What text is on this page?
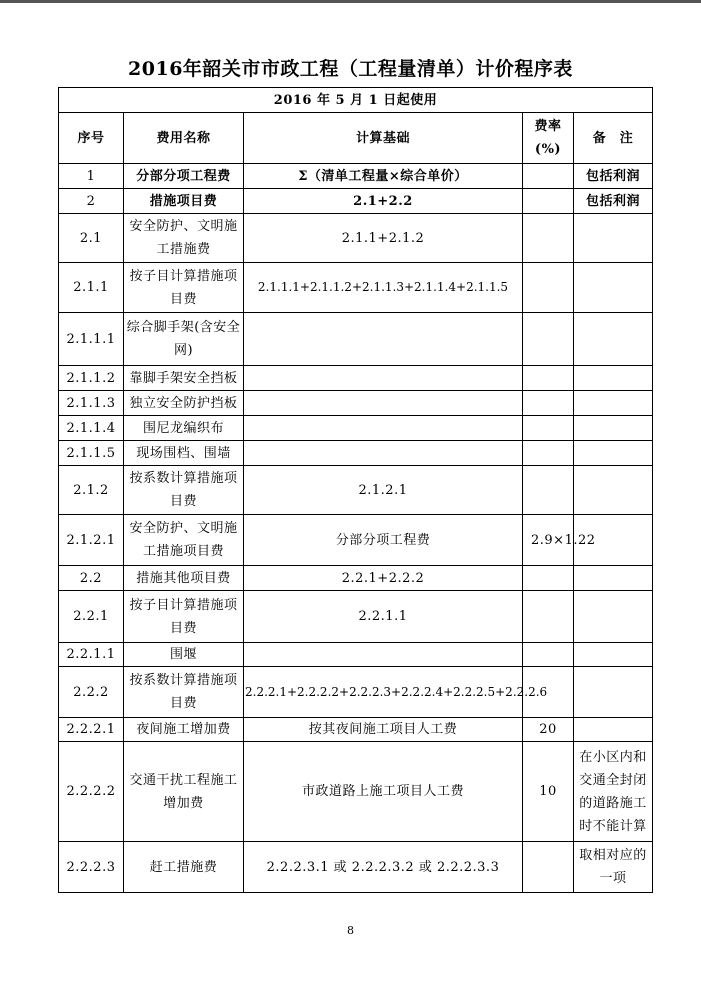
2016年韶关市市政工程（工程量清单）计价程序表
2016 年 5 月 1 日起使用				
序号	费用名称	计算基础	费率(%)	备　注
1	分部分项工程费	Σ（清单工程量×综合单价）		包括利润
2	措施项目费	2.1+2.2		包括利润
2.1	安全防护、文明施工措施费	2.1.1+2.1.2		
2.1.1	按子目计算措施项目费	2.1.1.1+2.1.1.2+2.1.1.3+2.1.1.4+2.1.1.5		
2.1.1.1	综合脚手架(含安全网)			
2.1.1.2	靠脚手架安全挡板			
2.1.1.3	独立安全防护挡板			
2.1.1.4	围尼龙编织布			
2.1.1.5	现场围档、围墙			
2.1.2	按系数计算措施项目费	2.1.2.1		
2.1.2.1	安全防护、文明施工措施项目费	分部分项工程费	2.9×1.22	
2.2	措施其他项目费	2.2.1+2.2.2		
2.2.1	按子目计算措施项目费	2.2.1.1		
2.2.1.1	围堰			
2.2.2	按系数计算措施项目费	2.2.2.1+2.2.2.2+2.2.2.3+2.2.2.4+2.2.2.5+2.2.2.6		
2.2.2.1	夜间施工增加费	按其夜间施工项目人工费	20	
2.2.2.2	交通干扰工程施工增加费	市政道路上施工项目人工费	10	在小区内和交通全封闭的道路施工时不能计算
2.2.2.3	赶工措施费	2.2.2.3.1 或 2.2.2.3.2 或 2.2.2.3.3		取相对应的一项
8
